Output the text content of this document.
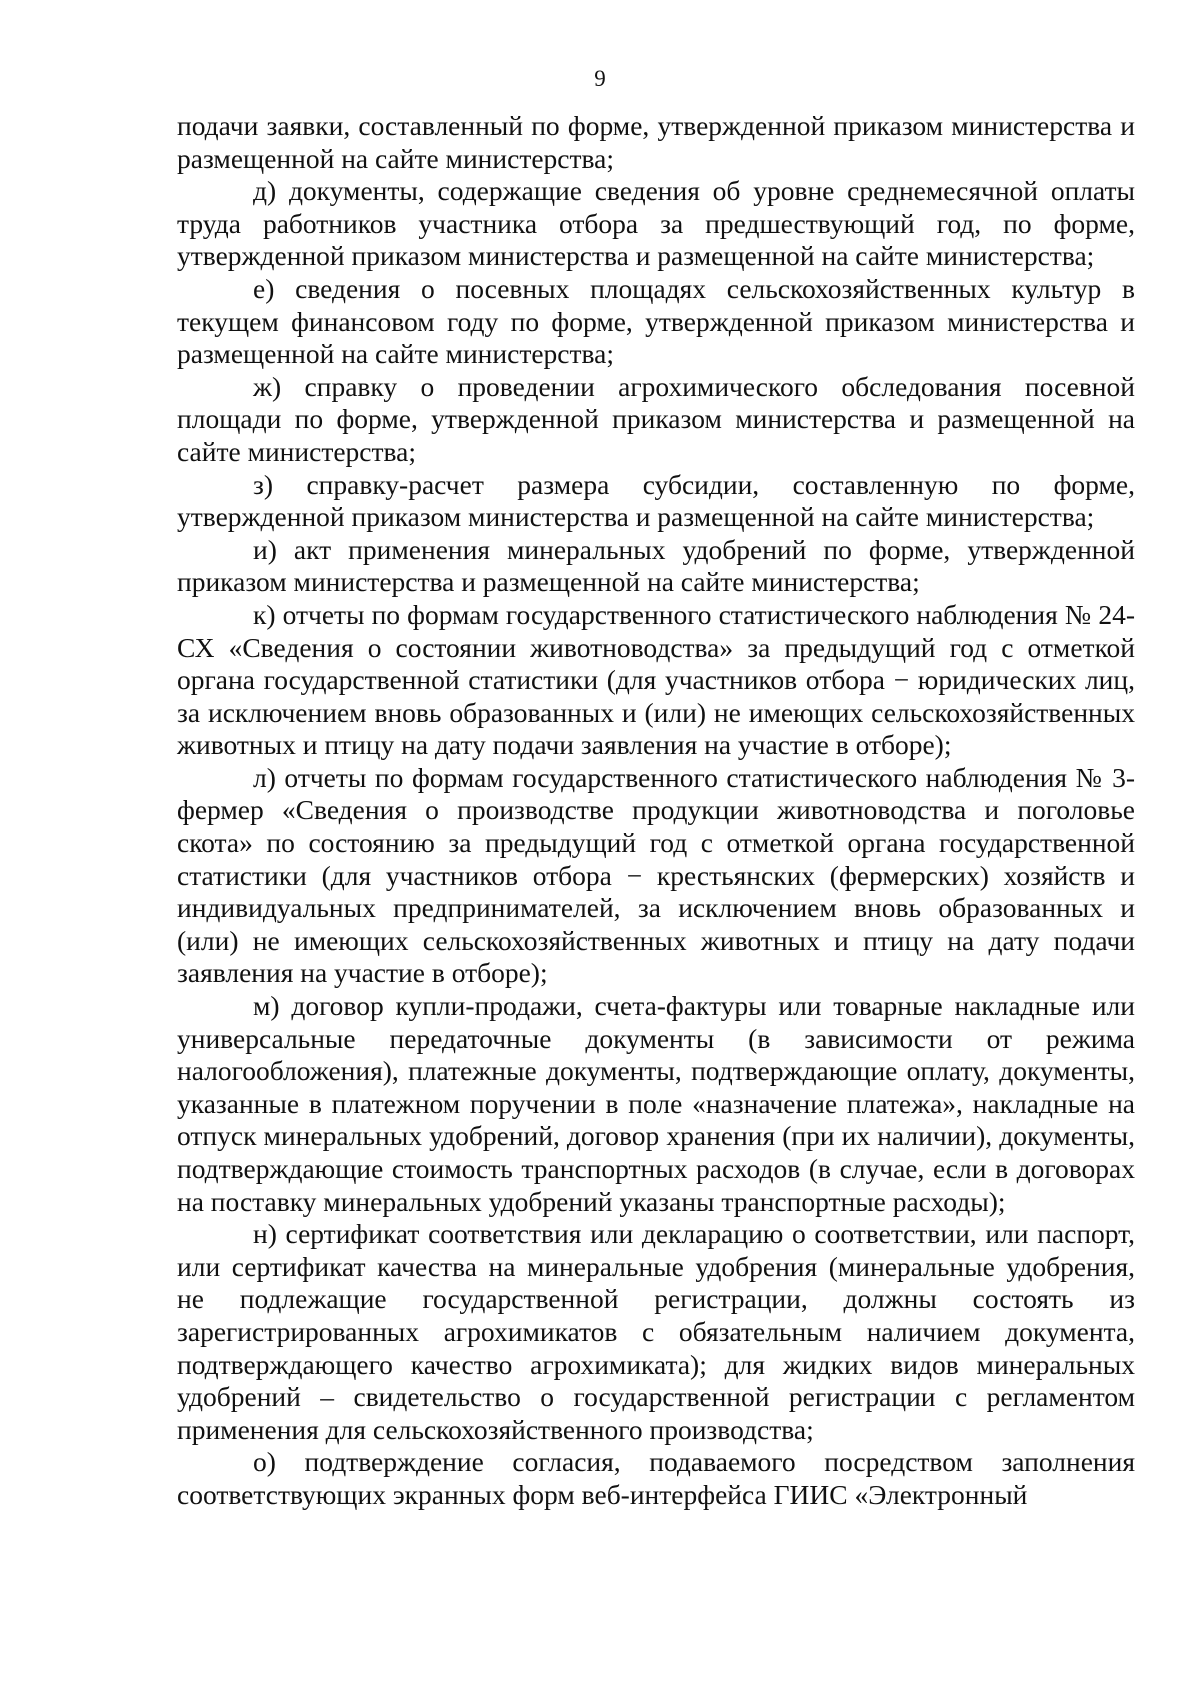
9

подачи заявки, составленный по форме, утвержденной приказом министерства и размещенной на сайте министерства;

д) документы, содержащие сведения об уровне среднемесячной оплаты труда работников участника отбора за предшествующий год, по форме, утвержденной приказом министерства и размещенной на сайте министерства;

е) сведения о посевных площадях сельскохозяйственных культур в текущем финансовом году по форме, утвержденной приказом министерства и размещенной на сайте министерства;

ж) справку о проведении агрохимического обследования посевной площади по форме, утвержденной приказом министерства и размещенной на сайте министерства;

з) справку-расчет размера субсидии, составленную по форме, утвержденной приказом министерства и размещенной на сайте министерства;

и) акт применения минеральных удобрений по форме, утвержденной приказом министерства и размещенной на сайте министерства;

к) отчеты по формам государственного статистического наблюдения № 24-СХ «Сведения о состоянии животноводства» за предыдущий год с отметкой органа государственной статистики (для участников отбора − юридических лиц, за исключением вновь образованных и (или) не имеющих сельскохозяйственных животных и птицу на дату подачи заявления на участие в отборе);

л) отчеты по формам государственного статистического наблюдения № 3-фермер «Сведения о производстве продукции животноводства и поголовье скота» по состоянию за предыдущий год с отметкой органа государственной статистики (для участников отбора − крестьянских (фермерских) хозяйств и индивидуальных предпринимателей, за исключением вновь образованных и (или) не имеющих сельскохозяйственных животных и птицу на дату подачи заявления на участие в отборе);

м) договор купли-продажи, счета-фактуры или товарные накладные или универсальные передаточные документы (в зависимости от режима налогообложения), платежные документы, подтверждающие оплату, документы, указанные в платежном поручении в поле «назначение платежа», накладные на отпуск минеральных удобрений, договор хранения (при их наличии), документы, подтверждающие стоимость транспортных расходов (в случае, если в договорах на поставку минеральных удобрений указаны транспортные расходы);

н) сертификат соответствия или декларацию о соответствии, или паспорт, или сертификат качества на минеральные удобрения (минеральные удобрения, не подлежащие государственной регистрации, должны состоять из зарегистрированных агрохимикатов с обязательным наличием документа, подтверждающего качество агрохимиката); для жидких видов минеральных удобрений – свидетельство о государственной регистрации с регламентом применения для сельскохозяйственного производства;

о) подтверждение согласия, подаваемого посредством заполнения соответствующих экранных форм веб-интерфейса ГИИС «Электронный
